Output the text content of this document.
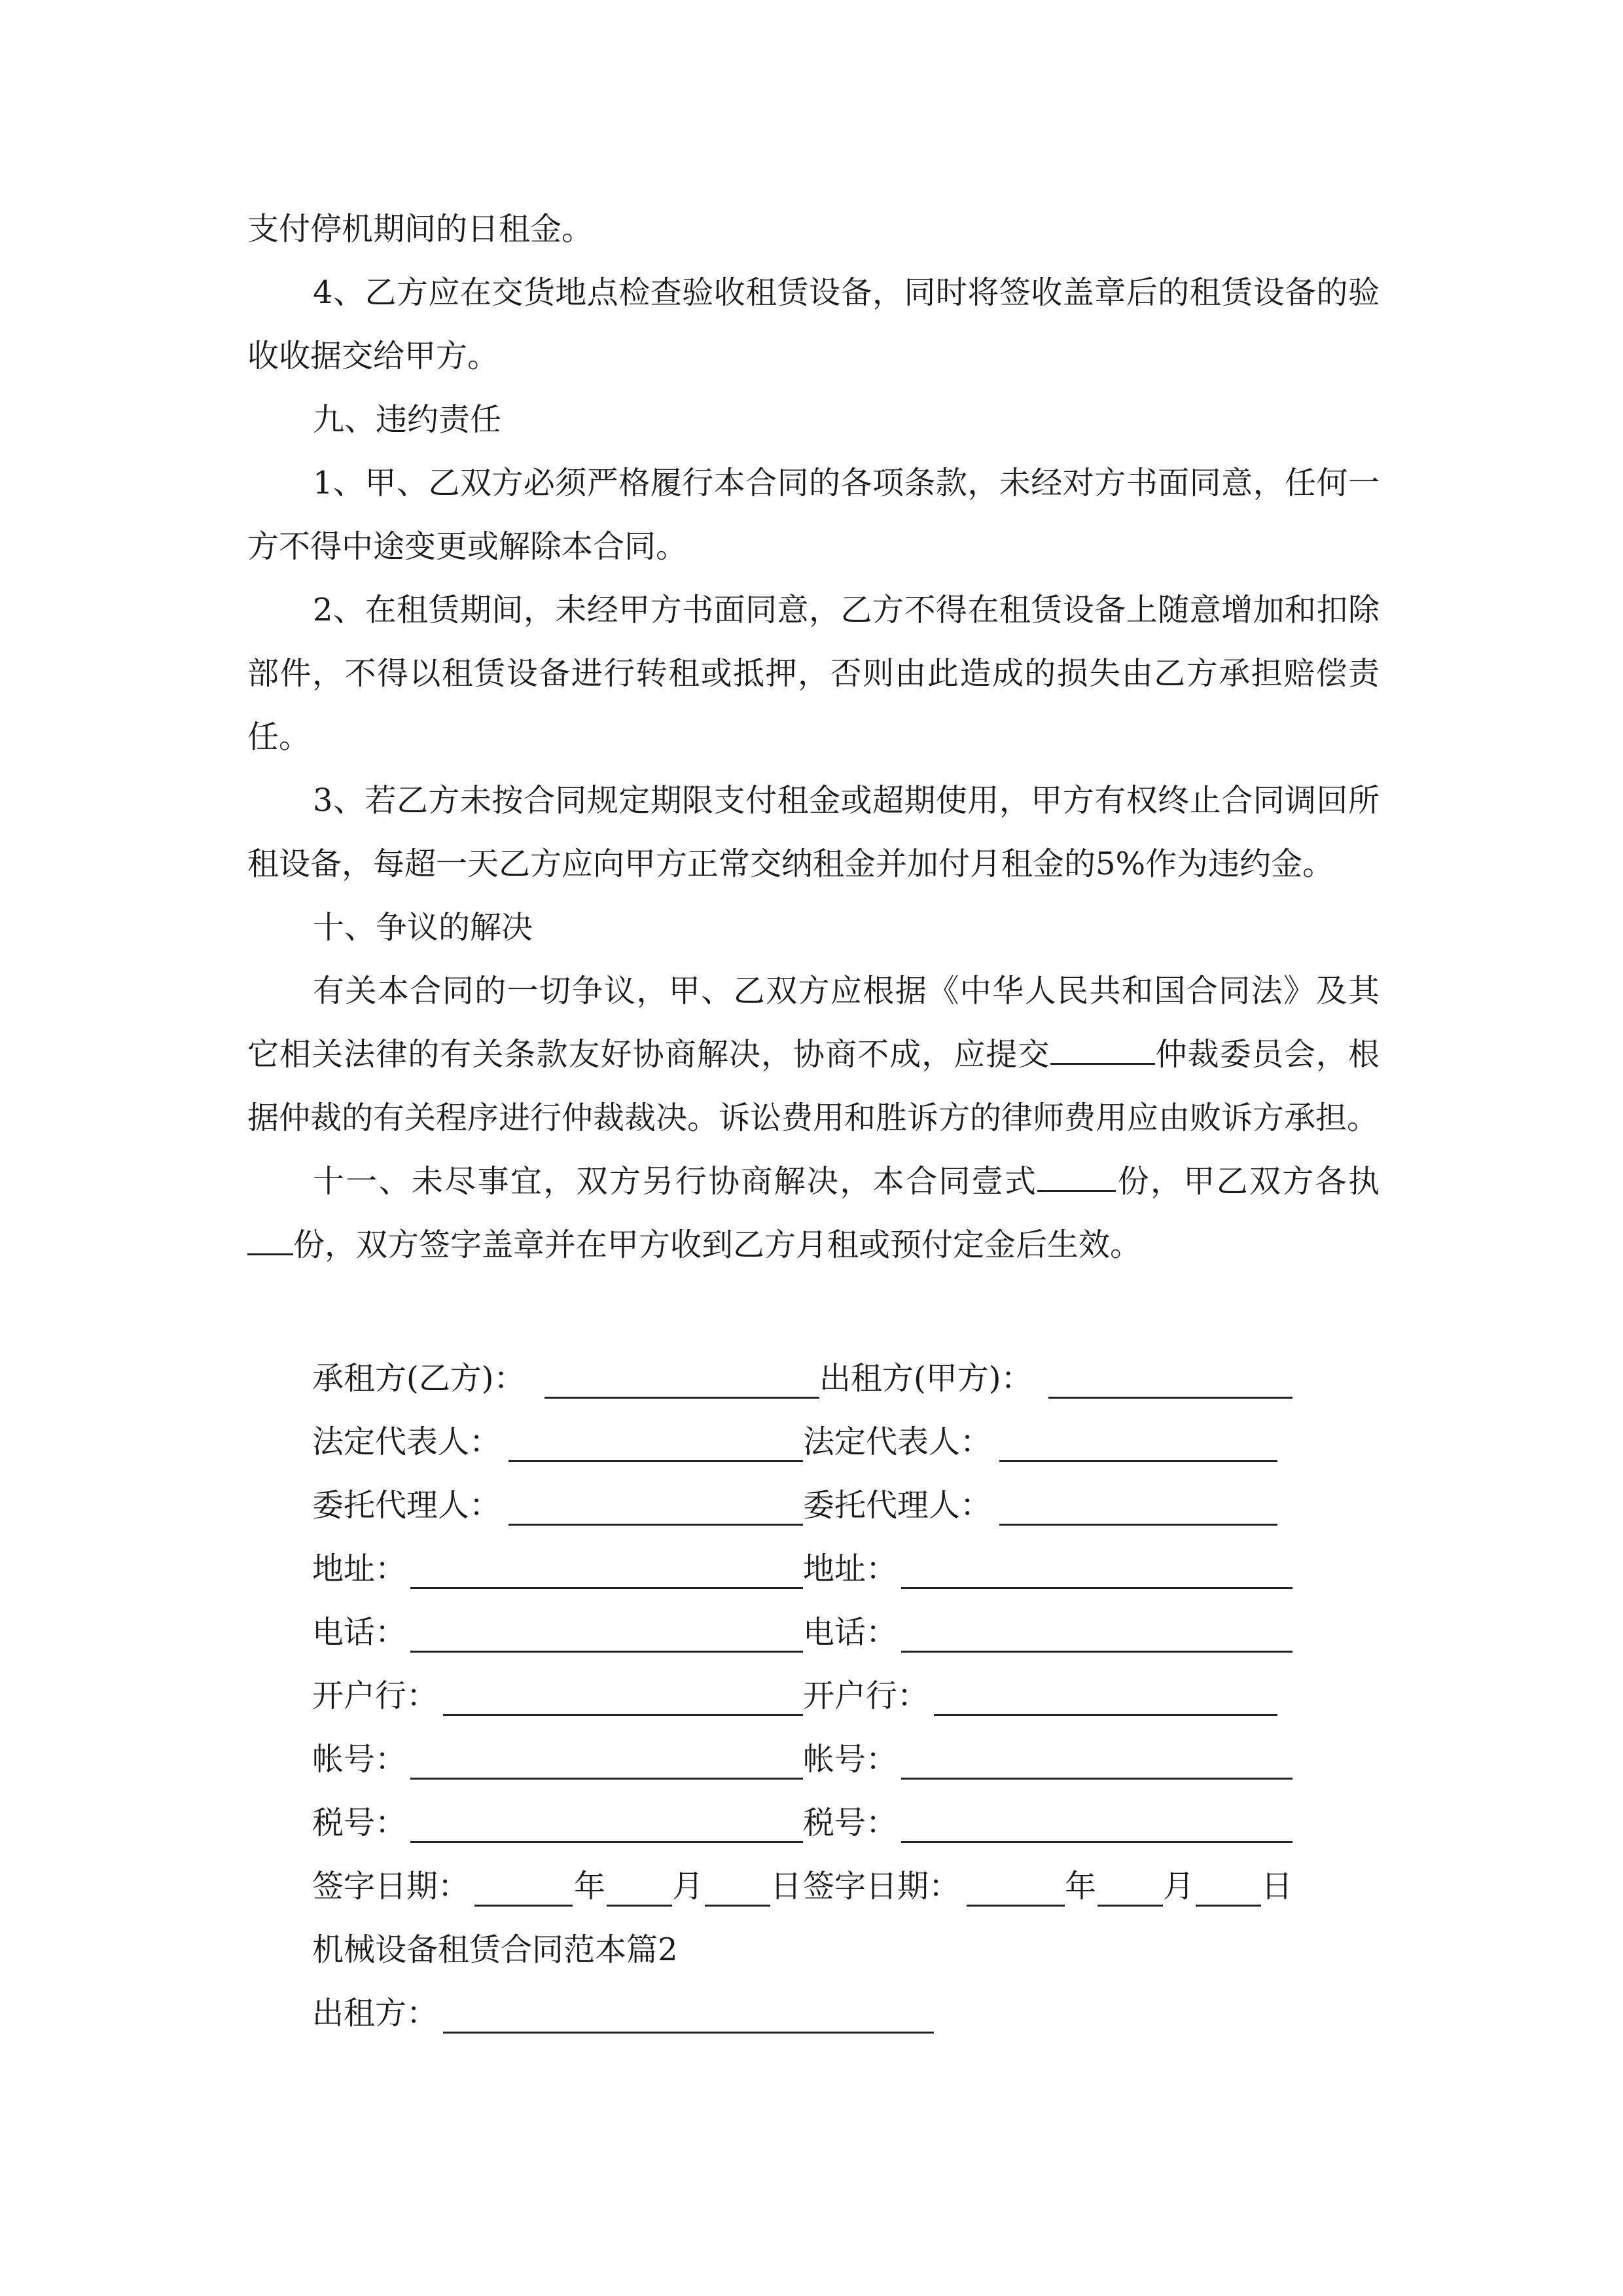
支付停机期间的日租金。

4、乙方应在交货地点检查验收租赁设备，同时将签收盖章后的租赁设备的验收收据交给甲方。

九、违约责任

1、甲、乙双方必须严格履行本合同的各项条款，未经对方书面同意，任何一方不得中途变更或解除本合同。

2、在租赁期间，未经甲方书面同意，乙方不得在租赁设备上随意增加和扣除部件，不得以租赁设备进行转租或抵押，否则由此造成的损失由乙方承担赔偿责任。

3、若乙方未按合同规定期限支付租金或超期使用，甲方有权终止合同调回所租设备，每超一天乙方应向甲方正常交纳租金并加付月租金的5%作为违约金。

十、争议的解决

有关本合同的一切争议，甲、乙双方应根据《中华人民共和国合同法》及其它相关法律的有关条款友好协商解决，协商不成，应提交	仲裁委员会，根据仲裁的有关程序进行仲裁裁决。诉讼费用和胜诉方的律师费用应由败诉方承担。

十一、未尽事宜，双方另行协商解决，本合同壹式	份，甲乙双方各执份，双方签字盖章并在甲方收到乙方月租或预付定金后生效。

承租方(乙方)：	出租方(甲方)：
法定代表人：	法定代表人：
委托代理人：	委托代理人：
地址：	地址：
电话：	电话：
开户行：	开户行：
帐号：	帐号：
税号：	税号：
签字日期：	年 月 日 签字日期：	年 月 日

机械设备租赁合同范本篇2

出租方：
